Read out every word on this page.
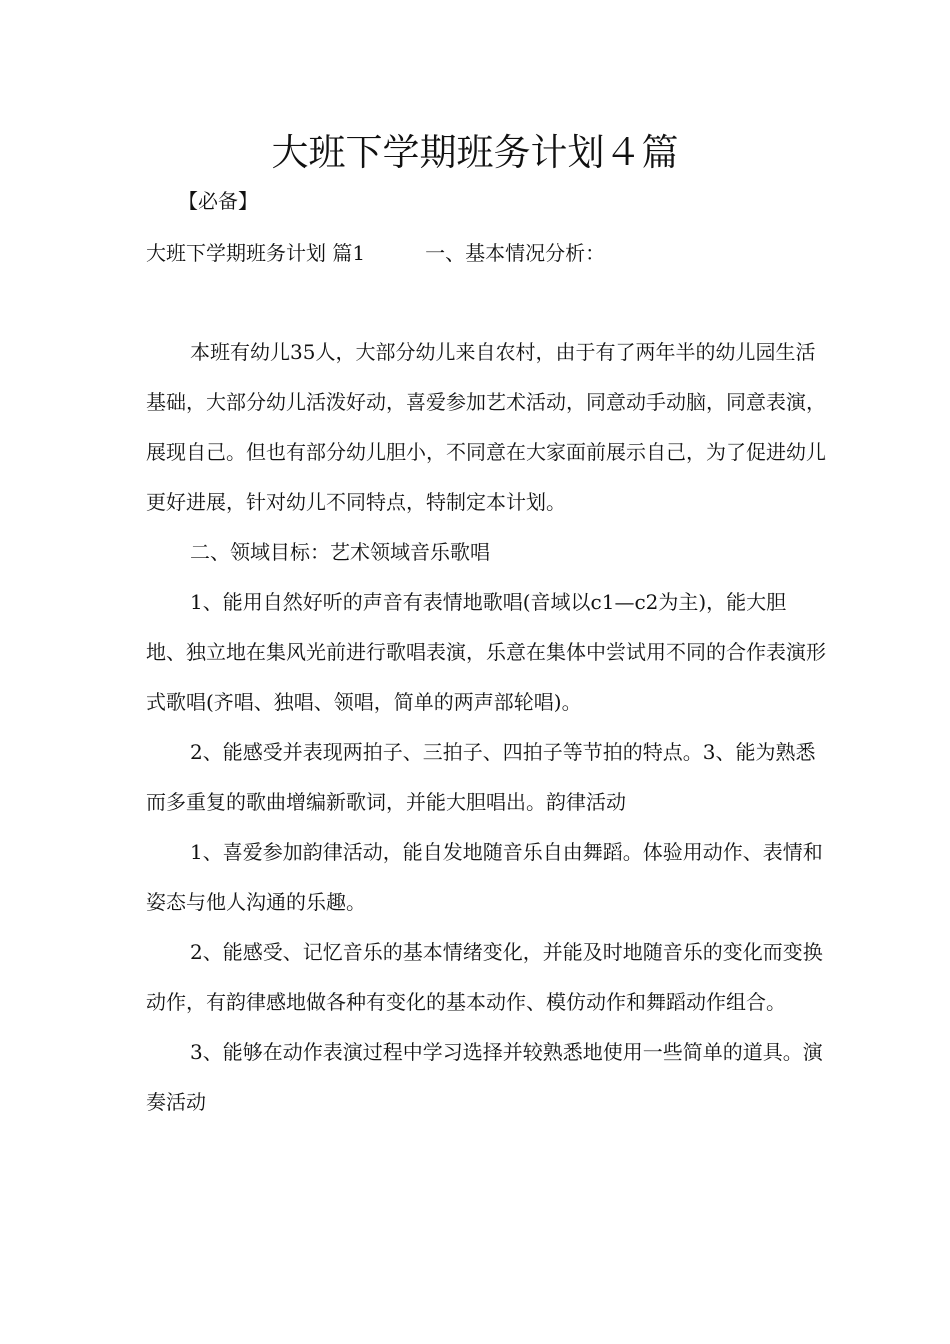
大班下学期班务计划４篇
【必备】
大班下学期班务计划 篇1　　　一、基本情况分析：

本班有幼儿35人，大部分幼儿来自农村，由于有了两年半的幼儿园生活基础，大部分幼儿活泼好动，喜爱参加艺术活动，同意动手动脑，同意表演，展现自己。但也有部分幼儿胆小，不同意在大家面前展示自己，为了促进幼儿更好进展，针对幼儿不同特点，特制定本计划。

二、领域目标：艺术领域音乐歌唱

1、能用自然好听的声音有表情地歌唱(音域以c1—c2为主)，能大胆地、独立地在集风光前进行歌唱表演，乐意在集体中尝试用不同的合作表演形式歌唱(齐唱、独唱、领唱，简单的两声部轮唱)。

2、能感受并表现两拍子、三拍子、四拍子等节拍的特点。3、能为熟悉而多重复的歌曲增编新歌词，并能大胆唱出。韵律活动

1、喜爱参加韵律活动，能自发地随音乐自由舞蹈。体验用动作、表情和姿态与他人沟通的乐趣。

2、能感受、记忆音乐的基本情绪变化，并能及时地随音乐的变化而变换动作，有韵律感地做各种有变化的基本动作、模仿动作和舞蹈动作组合。

3、能够在动作表演过程中学习选择并较熟悉地使用一些简单的道具。演奏活动
